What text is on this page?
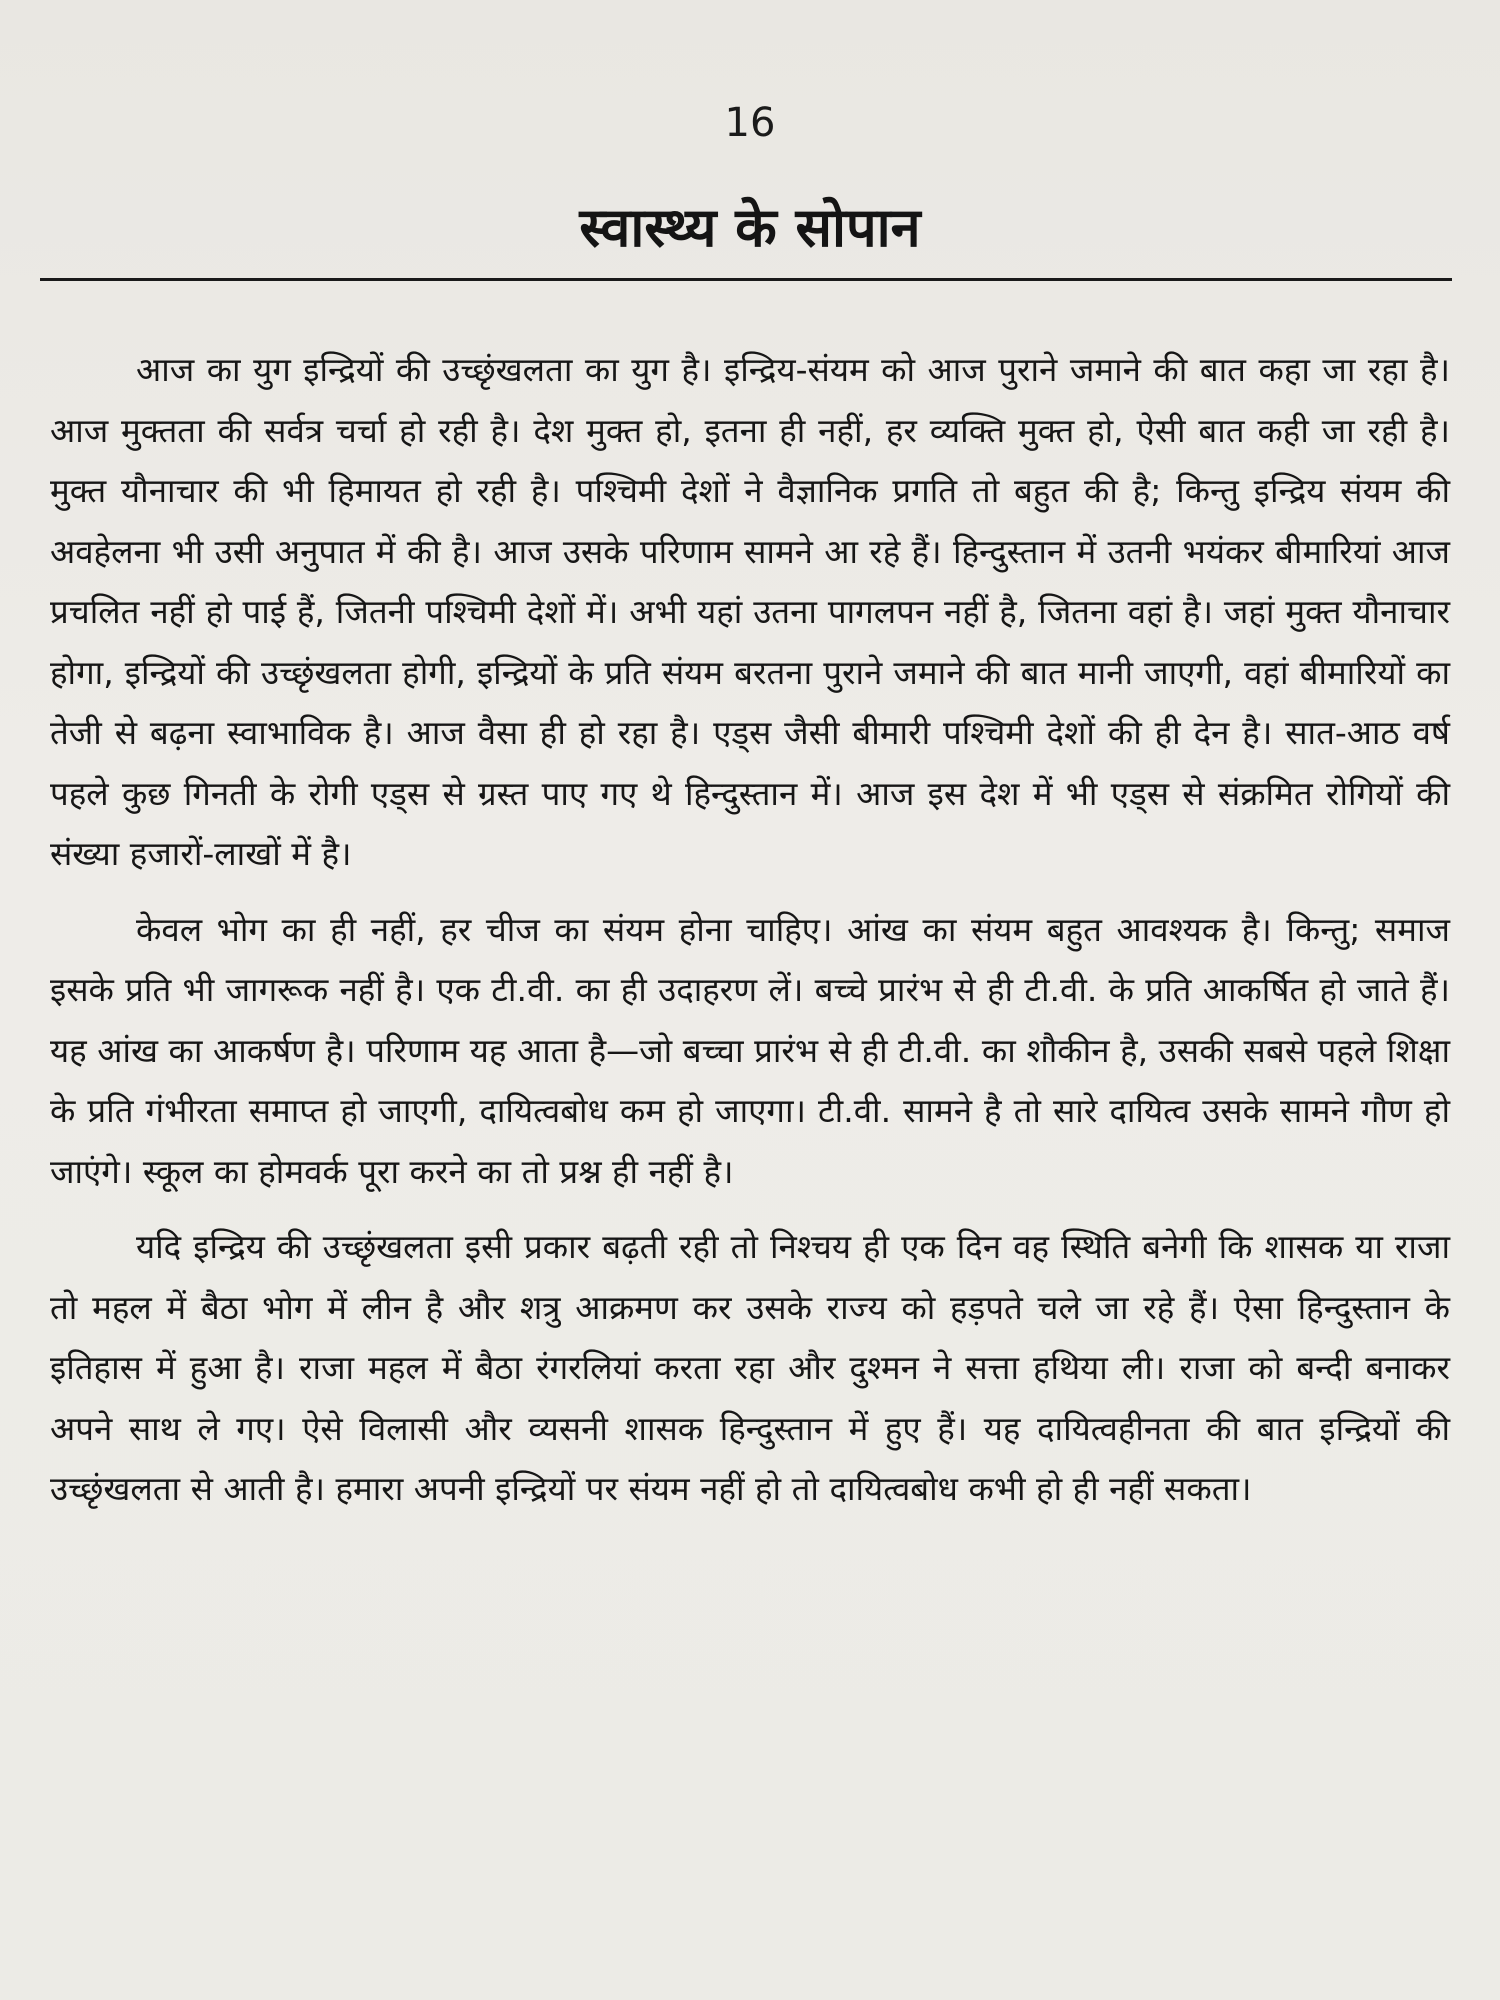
16
स्वास्थ्य के सोपान

आज का युग इन्द्रियों की उच्छृंखलता का युग है। इन्द्रिय-संयम को आज पुराने जमाने की बात कहा जा रहा है। आज मुक्तता की सर्वत्र चर्चा हो रही है। देश मुक्त हो, इतना ही नहीं, हर व्यक्ति मुक्त हो, ऐसी बात कही जा रही है। मुक्त यौनाचार की भी हिमायत हो रही है। पश्चिमी देशों ने वैज्ञानिक प्रगति तो बहुत की है; किन्तु इन्द्रिय संयम की अवहेलना भी उसी अनुपात में की है। आज उसके परिणाम सामने आ रहे हैं। हिन्दुस्तान में उतनी भयंकर बीमारियां आज प्रचलित नहीं हो पाई हैं, जितनी पश्चिमी देशों में। अभी यहां उतना पागलपन नहीं है, जितना वहां है। जहां मुक्त यौनाचार होगा, इन्द्रियों की उच्छृंखलता होगी, इन्द्रियों के प्रति संयम बरतना पुराने जमाने की बात मानी जाएगी, वहां बीमारियों का तेजी से बढ़ना स्वाभाविक है। आज वैसा ही हो रहा है। एड्स जैसी बीमारी पश्चिमी देशों की ही देन है। सात-आठ वर्ष पहले कुछ गिनती के रोगी एड्स से ग्रस्त पाए गए थे हिन्दुस्तान में। आज इस देश में भी एड्स से संक्रमित रोगियों की संख्या हजारों-लाखों में है।

केवल भोग का ही नहीं, हर चीज का संयम होना चाहिए। आंख का संयम बहुत आवश्यक है। किन्तु; समाज इसके प्रति भी जागरूक नहीं है। एक टी.वी. का ही उदाहरण लें। बच्चे प्रारंभ से ही टी.वी. के प्रति आकर्षित हो जाते हैं। यह आंख का आकर्षण है। परिणाम यह आता है—जो बच्चा प्रारंभ से ही टी.वी. का शौकीन है, उसकी सबसे पहले शिक्षा के प्रति गंभीरता समाप्त हो जाएगी, दायित्वबोध कम हो जाएगा। टी.वी. सामने है तो सारे दायित्व उसके सामने गौण हो जाएंगे। स्कूल का होमवर्क पूरा करने का तो प्रश्न ही नहीं है।

यदि इन्द्रिय की उच्छृंखलता इसी प्रकार बढ़ती रही तो निश्चय ही एक दिन वह स्थिति बनेगी कि शासक या राजा तो महल में बैठा भोग में लीन है और शत्रु आक्रमण कर उसके राज्य को हड़पते चले जा रहे हैं। ऐसा हिन्दुस्तान के इतिहास में हुआ है। राजा महल में बैठा रंगरलियां करता रहा और दुश्मन ने सत्ता हथिया ली। राजा को बन्दी बनाकर अपने साथ ले गए। ऐसे विलासी और व्यसनी शासक हिन्दुस्तान में हुए हैं। यह दायित्वहीनता की बात इन्द्रियों की उच्छृंखलता से आती है। हमारा अपनी इन्द्रियों पर संयम नहीं हो तो दायित्वबोध कभी हो ही नहीं सकता।
